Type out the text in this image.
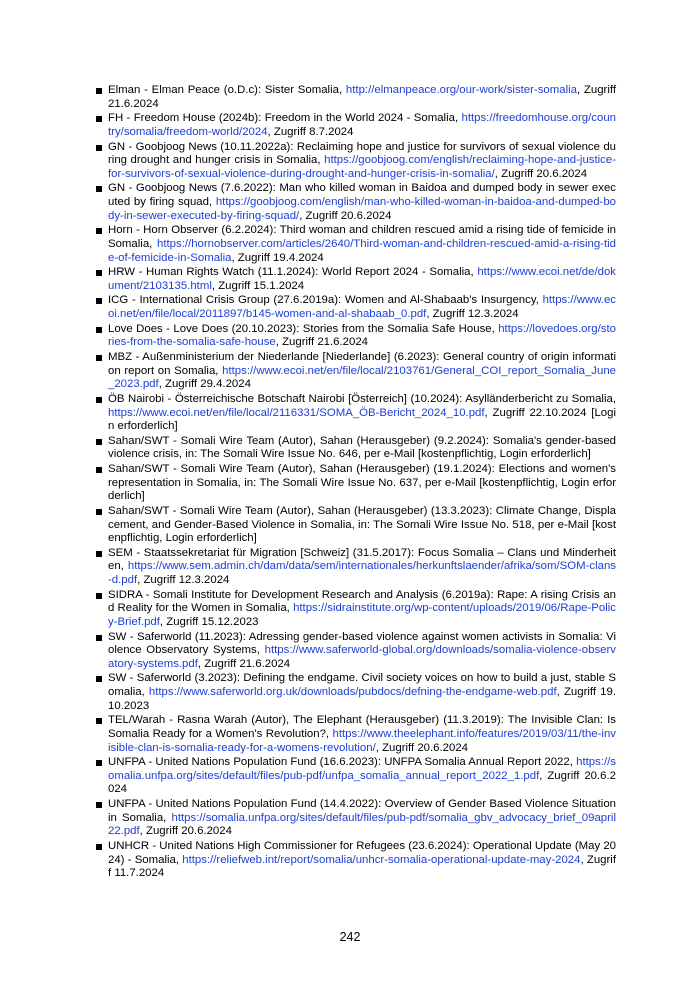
Elman - Elman Peace (o.D.c): Sister Somalia, http://elmanpeace.org/our-work/sister-somalia, Zugriff 21.6.2024
FH - Freedom House (2024b): Freedom in the World 2024 - Somalia, https://freedomhouse.org/country/somalia/freedom-world/2024, Zugriff 8.7.2024
GN - Goobjoog News (10.11.2022a): Reclaiming hope and justice for survivors of sexual violence during drought and hunger crisis in Somalia, https://goobjoog.com/english/reclaiming-hope-and-justice-for-survivors-of-sexual-violence-during-drought-and-hunger-crisis-in-somalia/, Zugriff 20.6.2024
GN - Goobjoog News (7.6.2022): Man who killed woman in Baidoa and dumped body in sewer executed by firing squad, https://goobjoog.com/english/man-who-killed-woman-in-baidoa-and-dumped-body-in-sewer-executed-by-firing-squad/, Zugriff 20.6.2024
Horn - Horn Observer (6.2.2024): Third woman and children rescued amid a rising tide of femicide in Somalia, https://hornobserver.com/articles/2640/Third-woman-and-children-rescued-amid-a-rising-tide-of-femicide-in-Somalia, Zugriff 19.4.2024
HRW - Human Rights Watch (11.1.2024): World Report 2024 - Somalia, https://www.ecoi.net/de/dokument/2103135.html, Zugriff 15.1.2024
ICG - International Crisis Group (27.6.2019a): Women and Al-Shabaab's Insurgency, https://www.ecoi.net/en/file/local/2011897/b145-women-and-al-shabaab_0.pdf, Zugriff 12.3.2024
Love Does - Love Does (20.10.2023): Stories from the Somalia Safe House, https://lovedoes.org/stories-from-the-somalia-safe-house, Zugriff 21.6.2024
MBZ - Außenministerium der Niederlande [Niederlande] (6.2023): General country of origin information report on Somalia, https://www.ecoi.net/en/file/local/2103761/General_COI_report_Somalia_June_2023.pdf, Zugriff 29.4.2024
ÖB Nairobi - Österreichische Botschaft Nairobi [Österreich] (10.2024): Asylländerbericht zu Somalia, https://www.ecoi.net/en/file/local/2116331/SOMA_ÖB-Bericht_2024_10.pdf, Zugriff 22.10.2024 [Login erforderlich]
Sahan/SWT - Somali Wire Team (Autor), Sahan (Herausgeber) (9.2.2024): Somalia's gender-based violence crisis, in: The Somali Wire Issue No. 646, per e-Mail [kostenpflichtig, Login erforderlich]
Sahan/SWT - Somali Wire Team (Autor), Sahan (Herausgeber) (19.1.2024): Elections and women's representation in Somalia, in: The Somali Wire Issue No. 637, per e-Mail [kostenpflichtig, Login erforderlich]
Sahan/SWT - Somali Wire Team (Autor), Sahan (Herausgeber) (13.3.2023): Climate Change, Displacement, and Gender-Based Violence in Somalia, in: The Somali Wire Issue No. 518, per e-Mail [kostenpflichtig, Login erforderlich]
SEM - Staatssekretariat für Migration [Schweiz] (31.5.2017): Focus Somalia – Clans und Minderheiten, https://www.sem.admin.ch/dam/data/sem/internationales/herkunftslaender/afrika/som/SOM-clans-d.pdf, Zugriff 12.3.2024
SIDRA - Somali Institute for Development Research and Analysis (6.2019a): Rape: A rising Crisis and Reality for the Women in Somalia, https://sidrainstitute.org/wp-content/uploads/2019/06/Rape-Policy-Brief.pdf, Zugriff 15.12.2023
SW - Saferworld (11.2023): Adressing gender-based violence against women activists in Somalia: Violence Observatory Systems, https://www.saferworld-global.org/downloads/somalia-violence-observatory-systems.pdf, Zugriff 21.6.2024
SW - Saferworld (3.2023): Defining the endgame. Civil society voices on how to build a just, stable Somalia, https://www.saferworld.org.uk/downloads/pubdocs/defning-the-endgame-web.pdf, Zugriff 19.10.2023
TEL/Warah - Rasna Warah (Autor), The Elephant (Herausgeber) (11.3.2019): The Invisible Clan: Is Somalia Ready for a Women's Revolution?, https://www.theelephant.info/features/2019/03/11/the-invisible-clan-is-somalia-ready-for-a-womens-revolution/, Zugriff 20.6.2024
UNFPA - United Nations Population Fund (16.6.2023): UNFPA Somalia Annual Report 2022, https://somalia.unfpa.org/sites/default/files/pub-pdf/unfpa_somalia_annual_report_2022_1.pdf, Zugriff 20.6.2024
UNFPA - United Nations Population Fund (14.4.2022): Overview of Gender Based Violence Situation in Somalia, https://somalia.unfpa.org/sites/default/files/pub-pdf/somalia_gbv_advocacy_brief_09april22.pdf, Zugriff 20.6.2024
UNHCR - United Nations High Commissioner for Refugees (23.6.2024): Operational Update (May 2024) - Somalia, https://reliefweb.int/report/somalia/unhcr-somalia-operational-update-may-2024, Zugriff 11.7.2024
242
